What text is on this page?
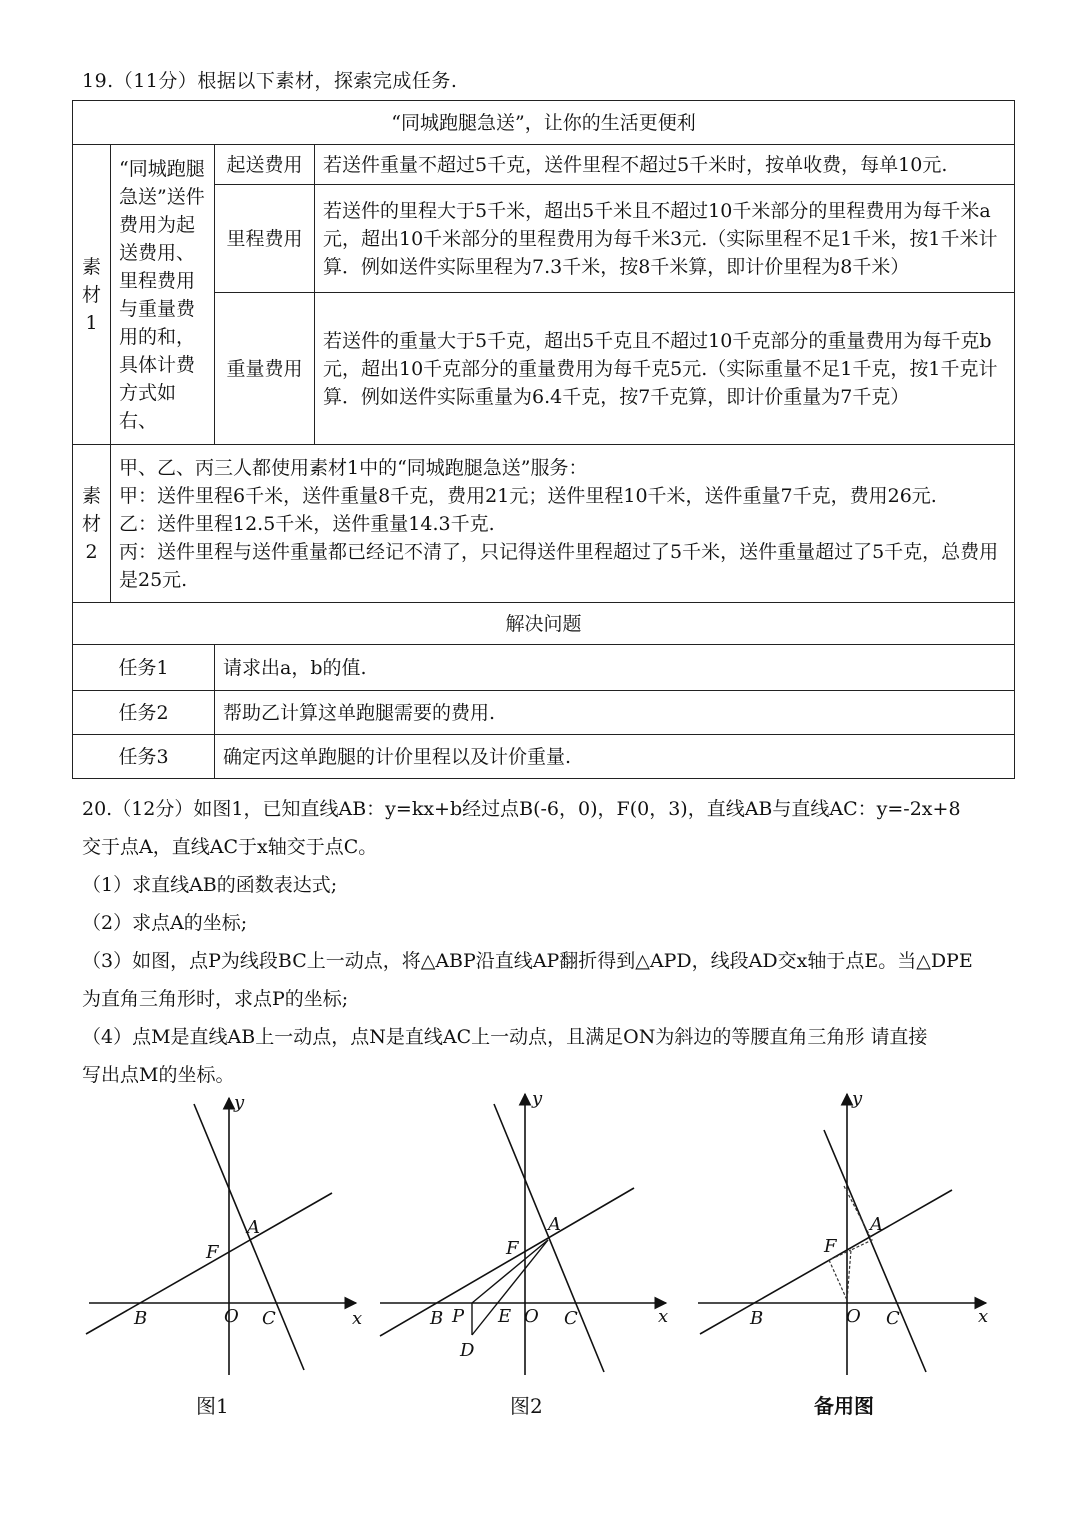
19.（11分）根据以下素材，探索完成任务.
“同城跑腿急送”，让你的生活更便利			
素材1	“同城跑腿急送”送件费用为起送费用、里程费用与重量费用的和，具体计费方式如右、	起送费用	若送件重量不超过5千克，送件里程不超过5千米时，按单收费，每单10元.
		里程费用	若送件的里程大于5千米，超出5千米且不超过10千米部分的里程费用为每千米a元，超出10千米部分的里程费用为每千米3元.（实际里程不足1千米，按1千米计算．例如送件实际里程为7.3千米，按8千米算，即计价里程为8千米）
		重量费用	若送件的重量大于5千克，超出5千克且不超过10千克部分的重量费用为每千克b元，超出10千克部分的重量费用为每千克5元.（实际重量不足1千克，按1千克计算．例如送件实际重量为6.4千克，按7千克算，即计价重量为7千克）
素材2	甲、乙、丙三人都使用素材1中的“同城跑腿急送”服务：
甲：送件里程6千米，送件重量8千克，费用21元；送件里程10千米，送件重量7千克，费用26元.
乙：送件里程12.5千米，送件重量14.3千克.
丙：送件里程与送件重量都已经记不清了，只记得送件里程超过了5千米，送件重量超过了5千克，总费用是25元.		

解决问题			
任务1		请求出a，b的值.	
任务2		帮助乙计算这单跑腿需要的费用.	
任务3		确定丙这单跑腿的计价里程以及计价重量.	

20.（12分）如图1，已知直线AB：y=kx+b经过点B(-6，0)，F(0，3)，直线AB与直线AC：y=-2x+8

交于点A，直线AC于x轴交于点C。

（1）求直线AB的函数表达式;

（2）求点A的坐标;

（3）如图，点P为线段BC上一动点，将△ABP沿直线AP翻折得到△APD，线段AD交x轴于点E。当△DPE

为直角三角形时，求点P的坐标;

（4）点M是直线AB上一动点，点N是直线AC上一动点，且满足ON为斜边的等腰直角三角形 请直接

写出点M的坐标。

y
x
A
F
B	O C
y
x
A
F
B P E O C
D
y
x
A
F
B	O C
图1	图2	备用图
